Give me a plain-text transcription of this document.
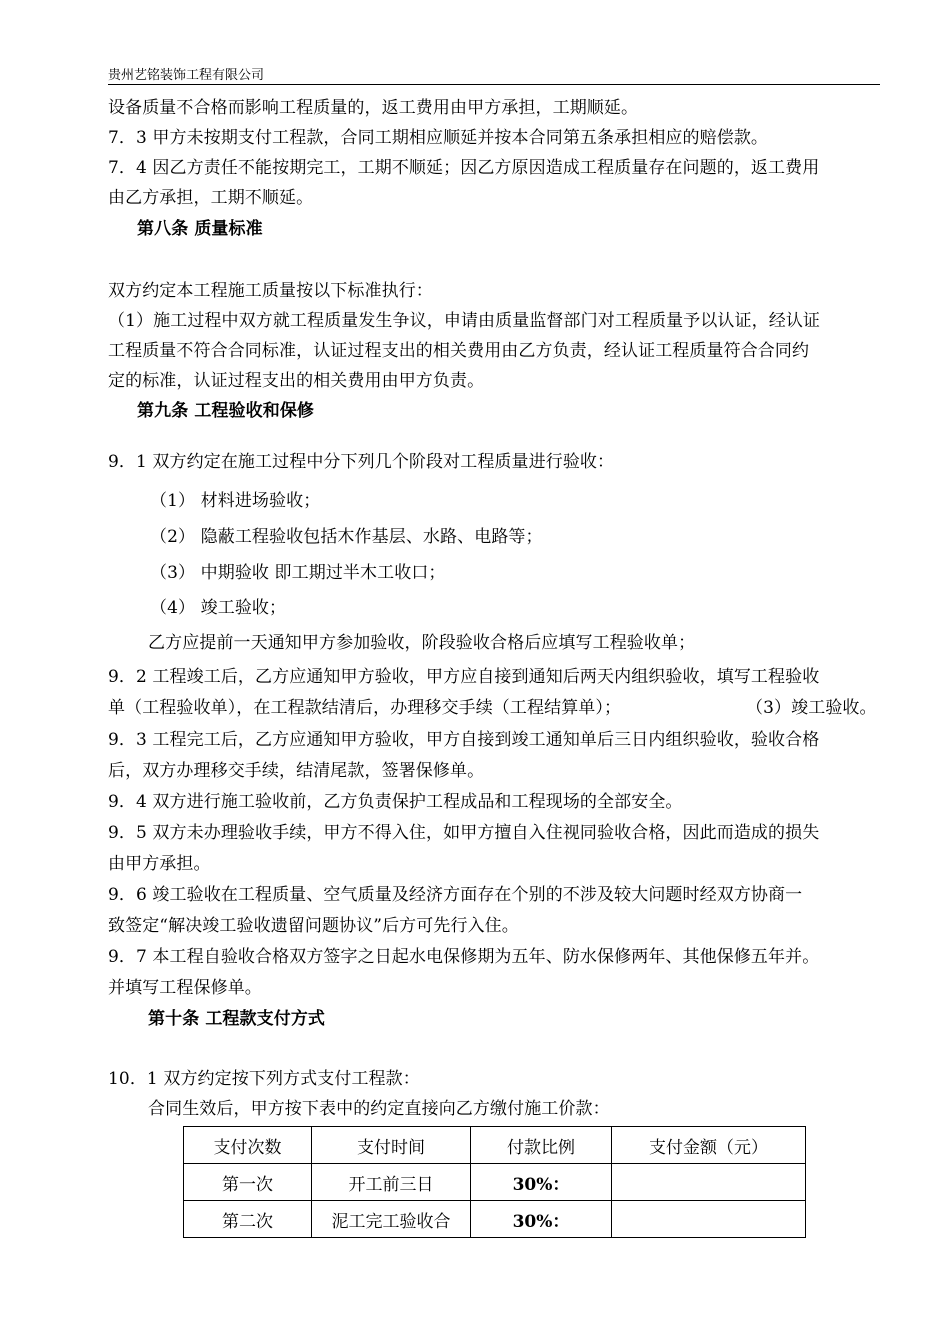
贵州艺铭装饰工程有限公司
设备质量不合格而影响工程质量的，返工费用由甲方承担，工期顺延。
7．3 甲方未按期支付工程款，合同工期相应顺延并按本合同第五条承担相应的赔偿款。
7．4 因乙方责任不能按期完工，工期不顺延；因乙方原因造成工程质量存在问题的，返工费用
由乙方承担，工期不顺延。
第八条 质量标准
双方约定本工程施工质量按以下标准执行：
（1）施工过程中双方就工程质量发生争议，申请由质量监督部门对工程质量予以认证，经认证
工程质量不符合合同标准，认证过程支出的相关费用由乙方负责，经认证工程质量符合合同约
定的标准，认证过程支出的相关费用由甲方负责。
第九条 工程验收和保修
9．1 双方约定在施工过程中分下列几个阶段对工程质量进行验收：
（1） 材料进场验收；
（2） 隐蔽工程验收包括木作基层、水路、电路等；
（3） 中期验收 即工期过半木工收口；
（4） 竣工验收；
乙方应提前一天通知甲方参加验收，阶段验收合格后应填写工程验收单；
9．2 工程竣工后，乙方应通知甲方验收，甲方应自接到通知后两天内组织验收，填写工程验收
单（工程验收单），在工程款结清后，办理移交手续（工程结算单）；	（3）竣工验收。
9．3 工程完工后，乙方应通知甲方验收，甲方自接到竣工通知单后三日内组织验收，验收合格
后，双方办理移交手续，结清尾款，签署保修单。
9．4 双方进行施工验收前，乙方负责保护工程成品和工程现场的全部安全。
9．5 双方未办理验收手续，甲方不得入住，如甲方擅自入住视同验收合格，因此而造成的损失
由甲方承担。
9．6 竣工验收在工程质量、空气质量及经济方面存在个别的不涉及较大问题时经双方协商一
致签定“解决竣工验收遗留问题协议”后方可先行入住。
9．7 本工程自验收合格双方签字之日起水电保修期为五年、防水保修两年、其他保修五年并。
并填写工程保修单。
第十条 工程款支付方式
10．1 双方约定按下列方式支付工程款：
合同生效后，甲方按下表中的约定直接向乙方缴付施工价款：
支付次数	支付时间	付款比例	支付金额（元）
第一次	开工前三日	30%：	
第二次	泥工完工验收合	30%：	
